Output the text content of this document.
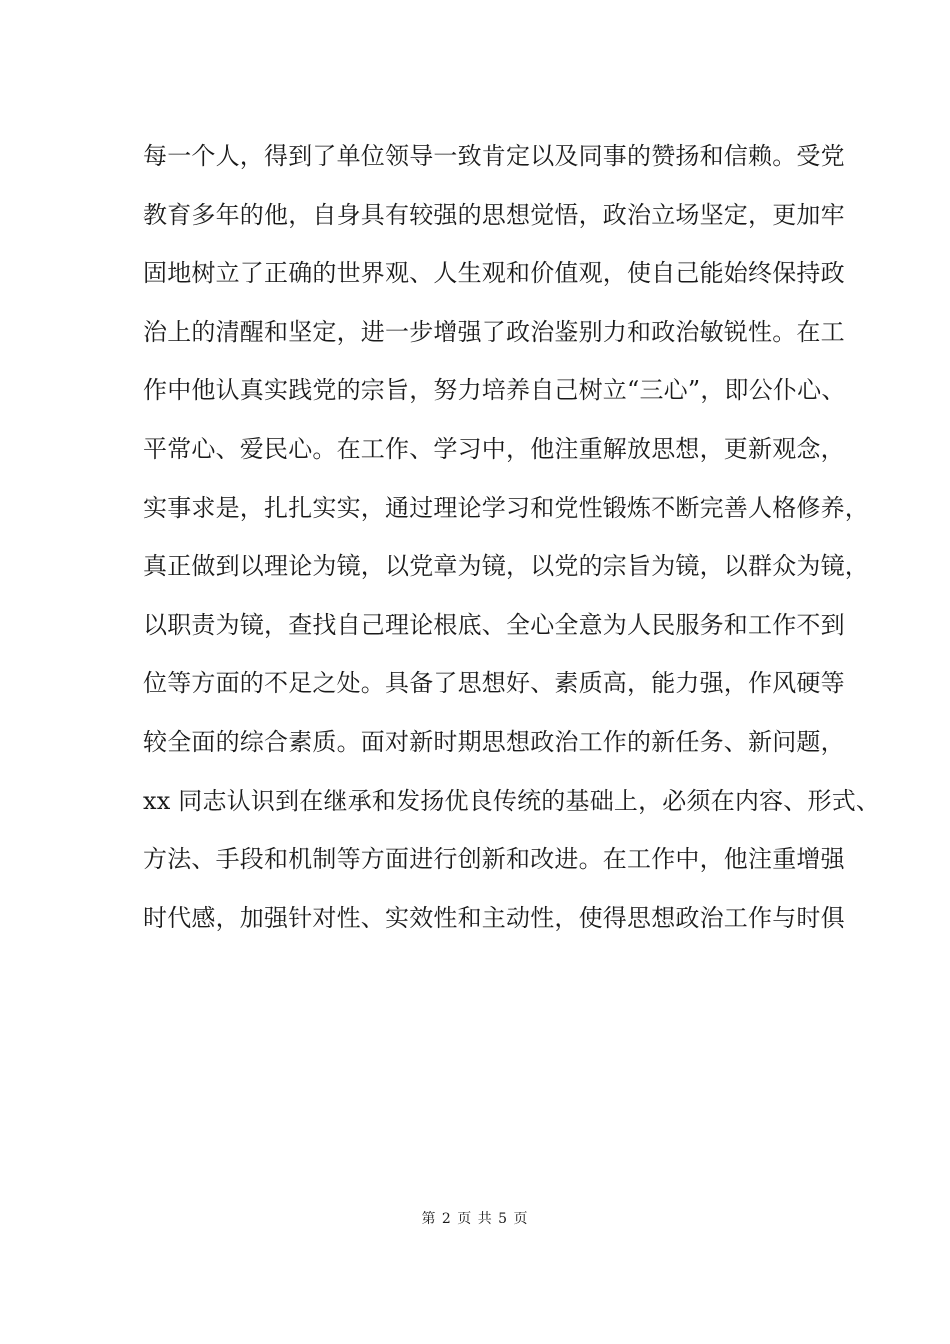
每一个人，得到了单位领导一致肯定以及同事的赞扬和信赖。受党
教育多年的他，自身具有较强的思想觉悟，政治立场坚定，更加牢
固地树立了正确的世界观、人生观和价值观，使自己能始终保持政
治上的清醒和坚定，进一步增强了政治鉴别力和政治敏锐性。在工
作中他认真实践党的宗旨，努力培养自己树立“三心”，即公仆心、
平常心、爱民心。在工作、学习中，他注重解放思想，更新观念，
实事求是，扎扎实实，通过理论学习和党性锻炼不断完善人格修养，
真正做到以理论为镜，以党章为镜，以党的宗旨为镜，以群众为镜，
以职责为镜，查找自己理论根底、全心全意为人民服务和工作不到
位等方面的不足之处。具备了思想好、素质高，能力强，作风硬等
较全面的综合素质。面对新时期思想政治工作的新任务、新问题，
xx 同志认识到在继承和发扬优良传统的基础上，必须在内容、形式、
方法、手段和机制等方面进行创新和改进。在工作中，他注重增强
时代感，加强针对性、实效性和主动性，使得思想政治工作与时俱
第 2 页 共 5 页
